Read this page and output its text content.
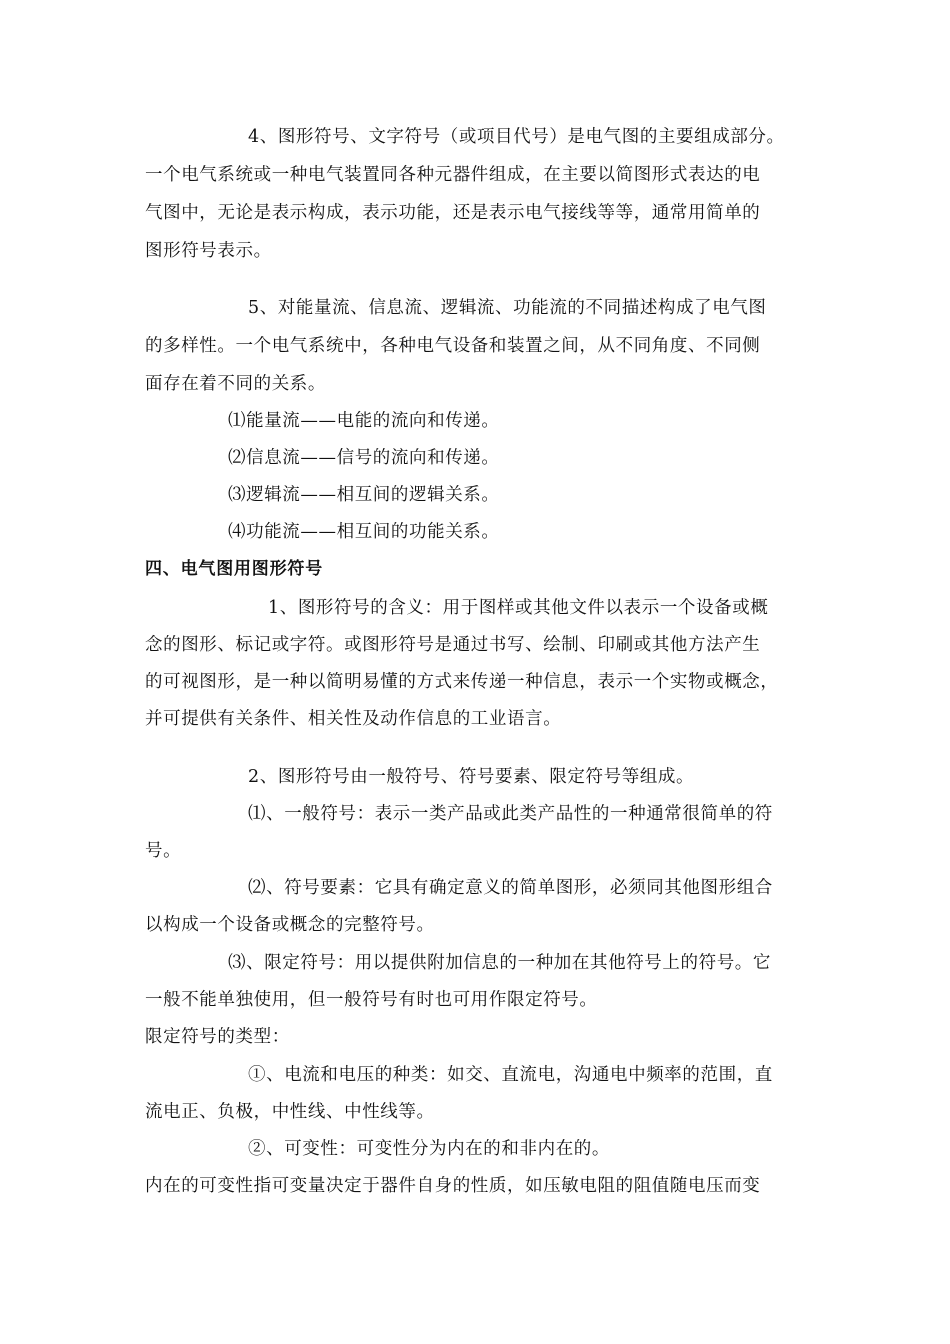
4、图形符号、文字符号（或项目代号）是电气图的主要组成部分。
一个电气系统或一种电气装置同各种元器件组成，在主要以简图形式表达的电
气图中，无论是表示构成，表示功能，还是表示电气接线等等，通常用简单的
图形符号表示。
5、对能量流、信息流、逻辑流、功能流的不同描述构成了电气图
的多样性。一个电气系统中，各种电气设备和装置之间，从不同角度、不同侧
面存在着不同的关系。
⑴能量流——电能的流向和传递。
⑵信息流——信号的流向和传递。
⑶逻辑流——相互间的逻辑关系。
⑷功能流——相互间的功能关系。
四、电气图用图形符号
1、图形符号的含义：用于图样或其他文件以表示一个设备或概
念的图形、标记或字符。或图形符号是通过书写、绘制、印刷或其他方法产生
的可视图形，是一种以简明易懂的方式来传递一种信息，表示一个实物或概念，
并可提供有关条件、相关性及动作信息的工业语言。
2、图形符号由一般符号、符号要素、限定符号等组成。
⑴、一般符号：表示一类产品或此类产品性的一种通常很简单的符
号。
⑵、符号要素：它具有确定意义的简单图形，必须同其他图形组合
以构成一个设备或概念的完整符号。
⑶、限定符号：用以提供附加信息的一种加在其他符号上的符号。它
一般不能单独使用，但一般符号有时也可用作限定符号。
限定符号的类型：
①、电流和电压的种类：如交、直流电，沟通电中频率的范围，直
流电正、负极，中性线、中性线等。
②、可变性：可变性分为内在的和非内在的。
内在的可变性指可变量决定于器件自身的性质，如压敏电阻的阻值随电压而变
